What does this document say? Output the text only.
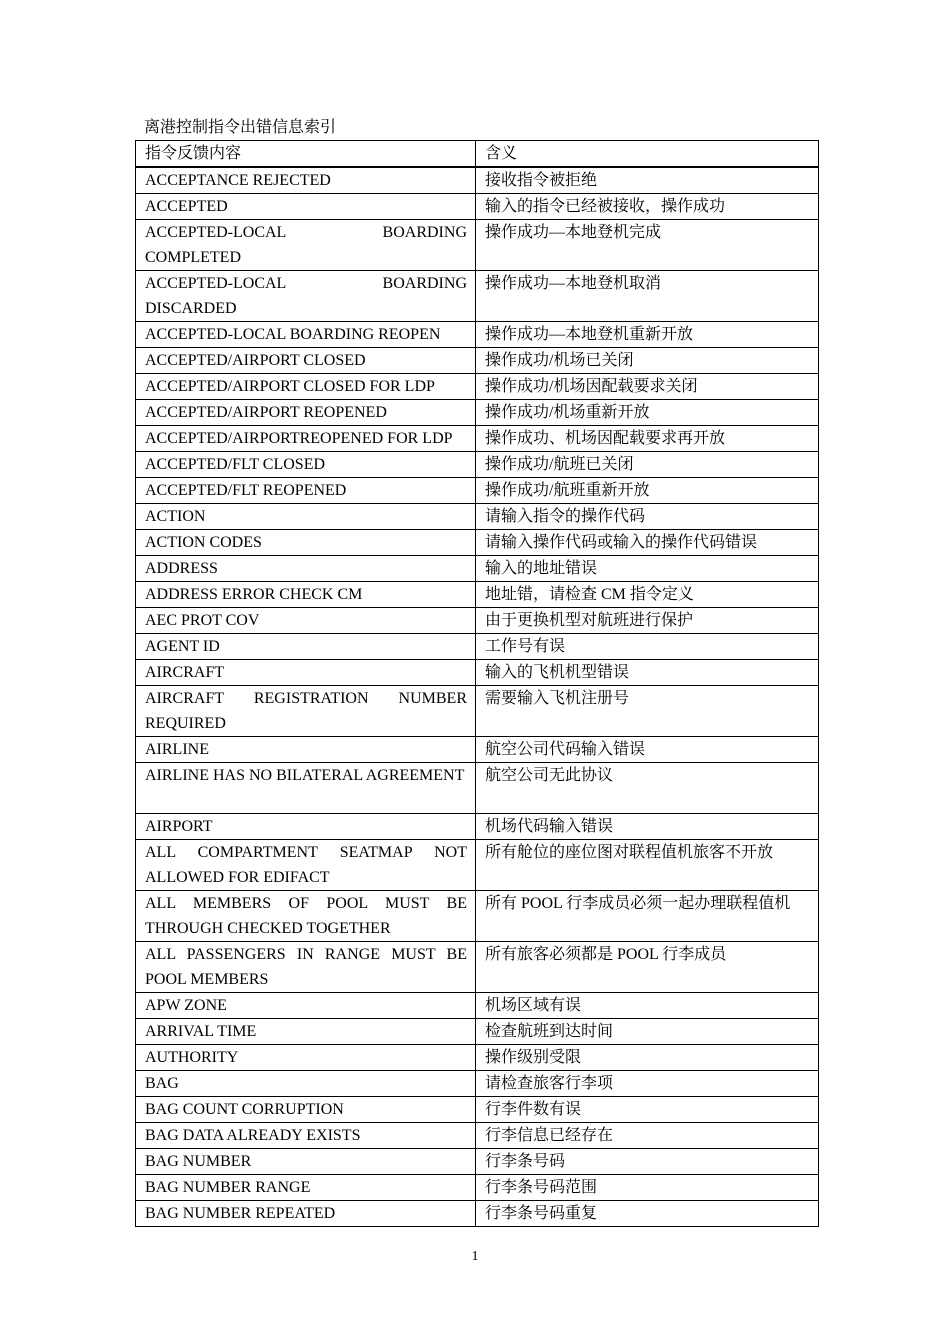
离港控制指令出错信息索引
指令反馈内容	含义
ACCEPTANCE REJECTED	接收指令被拒绝
ACCEPTED	输入的指令已经被接收，操作成功
ACCEPTED-LOCAL BOARDING COMPLETED	操作成功—本地登机完成
ACCEPTED-LOCAL BOARDING DISCARDED	操作成功—本地登机取消
ACCEPTED-LOCAL BOARDING REOPEN	操作成功—本地登机重新开放
ACCEPTED/AIRPORT CLOSED	操作成功/机场已关闭
ACCEPTED/AIRPORT CLOSED FOR LDP	操作成功/机场因配载要求关闭
ACCEPTED/AIRPORT REOPENED	操作成功/机场重新开放
ACCEPTED/AIRPORTREOPENED FOR LDP	操作成功、机场因配载要求再开放
ACCEPTED/FLT CLOSED	操作成功/航班已关闭
ACCEPTED/FLT REOPENED	操作成功/航班重新开放
ACTION	请输入指令的操作代码
ACTION CODES	请输入操作代码或输入的操作代码错误
ADDRESS	输入的地址错误
ADDRESS ERROR CHECK CM	地址错，请检查 CM 指令定义
AEC PROT COV	由于更换机型对航班进行保护
AGENT ID	工作号有误
AIRCRAFT	输入的飞机机型错误
AIRCRAFT REGISTRATION NUMBER REQUIRED	需要输入飞机注册号
AIRLINE	航空公司代码输入错误
AIRLINE HAS NO BILATERAL AGREEMENT	航空公司无此协议
AIRPORT	机场代码输入错误
ALL COMPARTMENT SEATMAP NOT ALLOWED FOR EDIFACT	所有舱位的座位图对联程值机旅客不开放
ALL MEMBERS OF POOL MUST BE THROUGH CHECKED TOGETHER	所有 POOL 行李成员必须一起办理联程值机
ALL PASSENGERS IN RANGE MUST BE POOL MEMBERS	所有旅客必须都是 POOL 行李成员
APW ZONE	机场区域有误
ARRIVAL TIME	检查航班到达时间
AUTHORITY	操作级别受限
BAG	请检查旅客行李项
BAG COUNT CORRUPTION	行李件数有误
BAG DATA ALREADY EXISTS	行李信息已经存在
BAG NUMBER	行李条号码
BAG NUMBER RANGE	行李条号码范围
BAG NUMBER REPEATED	行李条号码重复
1
